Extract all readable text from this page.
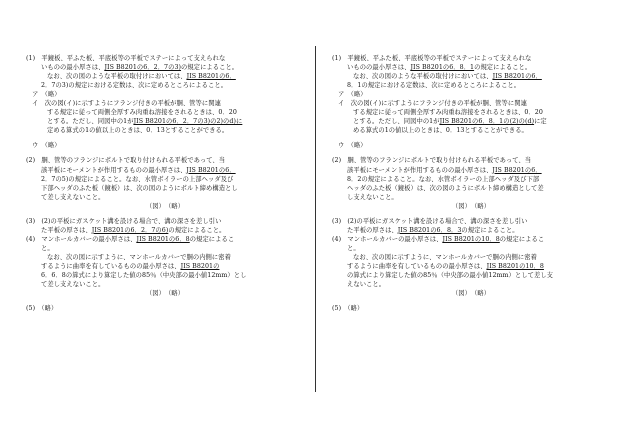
(1)　平鏡板、平ふた板、平底板等の平板でステーによって支えられな
いものの最小厚さは、JIS B8201の6．2．7の3)の規定によること。
なお、次の図のような平板の取付けにおいては、JIS B8201の6．
2．7の3)の規定における定数は、次に定めるところによること。
ア　（略）
イ　次の図(イ)に示すようにフランジ付きの平板が胴、管等に関連
する規定に従って両側全厚すみ肉重ね溶接をされるときは、0．20
とする。ただし、同図中の1がJIS B8201の6．2．7の3)の2)のd)に
定める算式の1の値以上のときは、0．13とすることができる。
ウ　（略）
(2)　胴、管等のフランジにボルトで取り付けられる平板であって、当
該平板にモーメントが作用するものの最小厚さは、JIS B8201の6．
2．7の5)の規定によること。なお、水管ボイラーの上部ヘッダ及び
下部ヘッダのふた板（鏡板）は、次の図のようにボルト締め構造とし
て差し支えないこと。
（図）　（略）
(3)　(2)の平板にガスケット溝を設ける場合で、溝の深さを差し引い
た平板の厚さは、JIS B8201の6．2．7の6)の規定によること。
(4)　マンホールカバーの最小厚さは、JIS B8201の6．8の規定によるこ
と。
なお、次の図に示すように、マンホールカバーで胴の内側に密着
するように曲率を有しているものの最小厚さは、JIS B8201の
6．6．8の算式により算定した値の85％（中央部の最小値12mm）とし
て差し支えないこと。
（図）　（略）
(5)　（略）
(1)　平鏡板、平ふた板、平底板等の平板でステーによって支えられな
いものの最小厚さは、JIS B8201の6．8．1の規定によること。
なお、次の図のような平板の取付けにおいては、JIS B8201の6．
8．1の規定における定数は、次に定めるところによること。
ア　（略）
イ　次の図(イ)に示すようにフランジ付きの平板が胴、管等に関連
する規定に従って両側全厚すみ肉重ね溶接をされるときは、0．20
とする。ただし、同図中の1がJIS B8201の6．8．1の(2)の(d)に定
める算式の1の値以上のときは、0．13とすることができる。
ウ　（略）
(2)　胴、管等のフランジにボルトで取り付けられる平板であって、当
該平板にモーメントが作用するものの最小厚さは、JIS B8201の6．
8．2の規定によること。なお、水管ボイラーの上部ヘッダ及び下部
ヘッダのふた板（鏡板）は、次の図のようにボルト締め構造として差
し支えないこと。
（図）　（略）
(3)　(2)の平板にガスケット溝を設ける場合で、溝の深さを差し引い
た平板の厚さは、JIS B8201の6．8．3の規定によること。
(4)　マンホールカバーの最小厚さは、JIS B8201の10．8の規定によるこ
と。
なお、次の図に示すように、マンホールカバーで胴の内側に密着
するように曲率を有しているものの最小厚さは、JIS B8201の10．8
の算式により算定した値の85％（中央部の最小値12mm）として差し支
えないこと。
（図）　（略）
(5)　（略）
